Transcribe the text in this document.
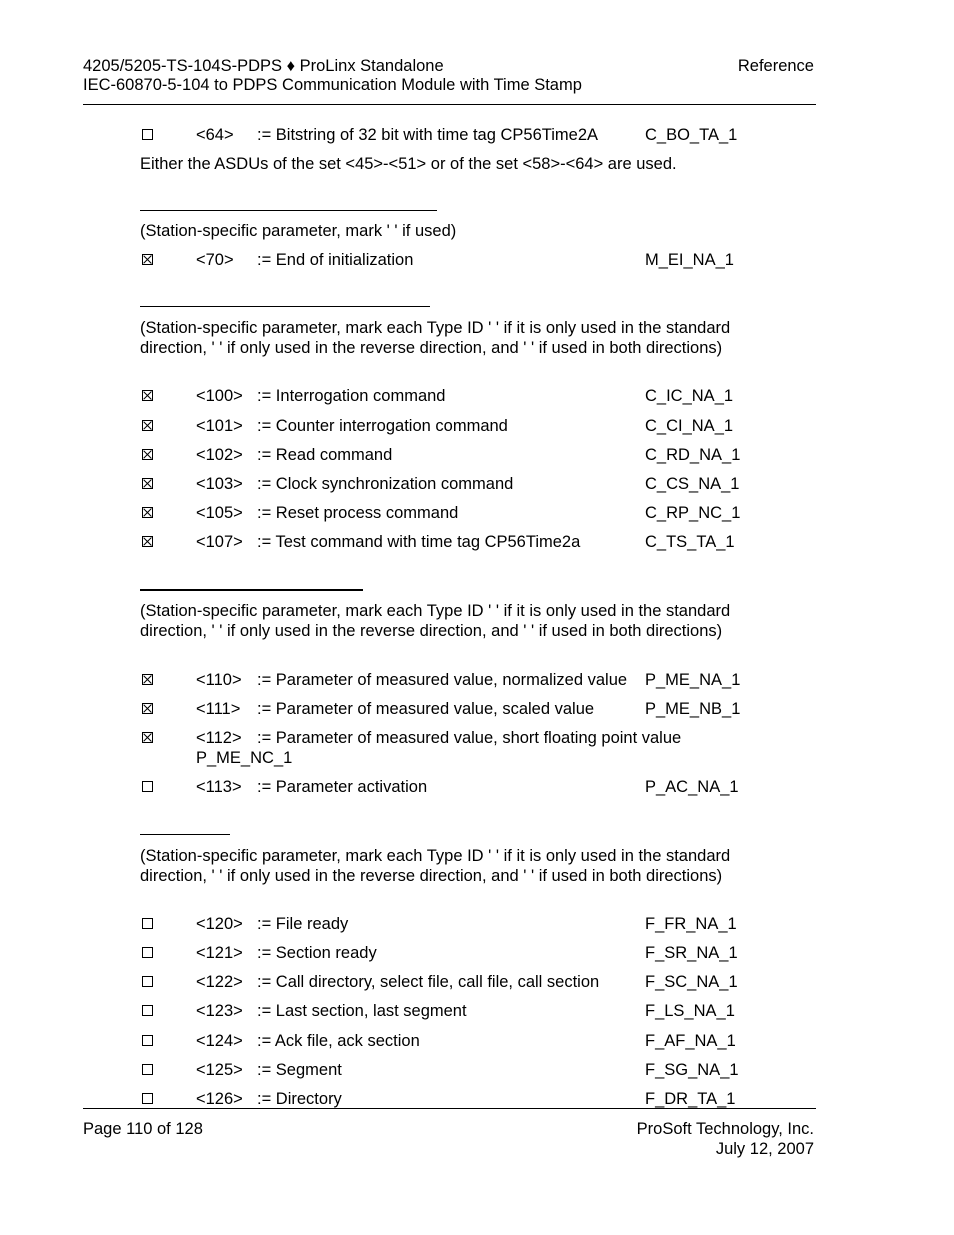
4205/5205-TS-104S-PDPS ♦ ProLinx Standalone
IEC-60870-5-104 to PDPS Communication Module with Time Stamp
Reference
<64> := Bitstring of 32 bit with time tag CP56Time2A	C_BO_TA_1
Either the ASDUs of the set <45>-<51> or of the set <58>-<64> are used.
(Station-specific parameter, mark ' ' if used)
<70> := End of initialization	M_EI_NA_1
(Station-specific parameter, mark each Type ID ' ' if it is only used in the standard direction, ' ' if only used in the reverse direction, and ' ' if used in both directions)
<100> := Interrogation command	C_IC_NA_1
<101> := Counter interrogation command	C_CI_NA_1
<102> := Read command	C_RD_NA_1
<103> := Clock synchronization command	C_CS_NA_1
<105> := Reset process command	C_RP_NC_1
<107> := Test command with time tag CP56Time2a	C_TS_TA_1
(Station-specific parameter, mark each Type ID ' ' if it is only used in the standard direction, ' ' if only used in the reverse direction, and ' ' if used in both directions)
<110> := Parameter of measured value, normalized value P_ME_NA_1
<111> := Parameter of measured value, scaled value	P_ME_NB_1
<112> := Parameter of measured value, short floating point value
P_ME_NC_1
<113> := Parameter activation	P_AC_NA_1
(Station-specific parameter, mark each Type ID ' ' if it is only used in the standard direction, ' ' if only used in the reverse direction, and ' ' if used in both directions)
<120> := File ready	F_FR_NA_1
<121> := Section ready	F_SR_NA_1
<122> := Call directory, select file, call file, call section	F_SC_NA_1
<123> := Last section, last segment	F_LS_NA_1
<124> := Ack file, ack section	F_AF_NA_1
<125> := Segment	F_SG_NA_1
<126> := Directory	F_DR_TA_1
Page 110 of 128	ProSoft Technology, Inc.
July 12, 2007
